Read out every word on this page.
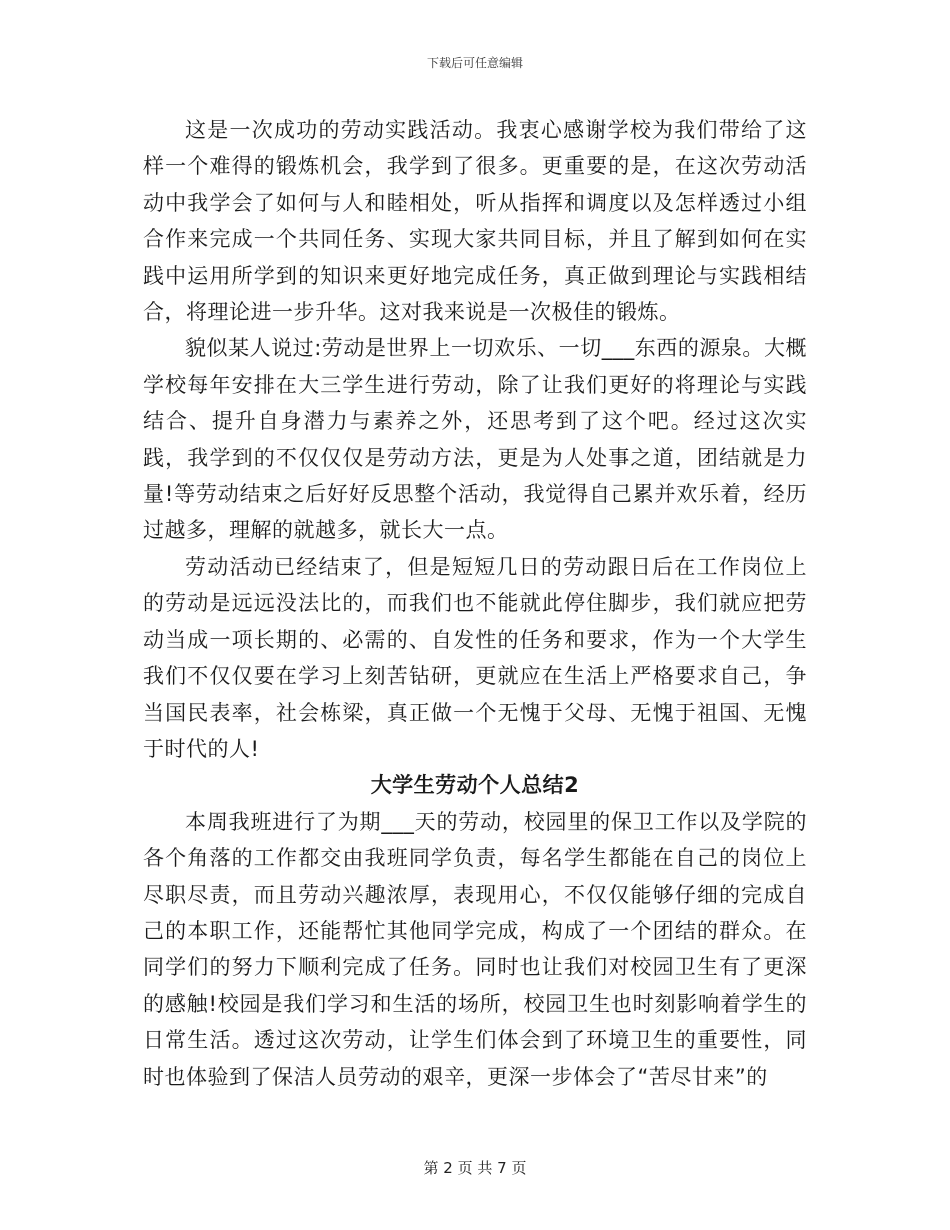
下载后可任意编辑

这是一次成功的劳动实践活动。我衷心感谢学校为我们带给了这样一个难得的锻炼机会，我学到了很多。更重要的是，在这次劳动活动中我学会了如何与人和睦相处，听从指挥和调度以及怎样透过小组合作来完成一个共同任务、实现大家共同目标，并且了解到如何在实践中运用所学到的知识来更好地完成任务，真正做到理论与实践相结合，将理论进一步升华。这对我来说是一次极佳的锻炼。

貌似某人说过:劳动是世界上一切欢乐、一切___东西的源泉。大概学校每年安排在大三学生进行劳动，除了让我们更好的将理论与实践结合、提升自身潜力与素养之外，还思考到了这个吧。经过这次实践，我学到的不仅仅仅是劳动方法，更是为人处事之道，团结就是力量!等劳动结束之后好好反思整个活动，我觉得自己累并欢乐着，经历过越多，理解的就越多，就长大一点。

劳动活动已经结束了，但是短短几日的劳动跟日后在工作岗位上的劳动是远远没法比的，而我们也不能就此停住脚步，我们就应把劳动当成一项长期的、必需的、自发性的任务和要求，作为一个大学生我们不仅仅要在学习上刻苦钻研，更就应在生活上严格要求自己，争当国民表率，社会栋梁，真正做一个无愧于父母、无愧于祖国、无愧于时代的人!

大学生劳动个人总结2

本周我班进行了为期___天的劳动，校园里的保卫工作以及学院的各个角落的工作都交由我班同学负责，每名学生都能在自己的岗位上尽职尽责，而且劳动兴趣浓厚，表现用心，不仅仅能够仔细的完成自己的本职工作，还能帮忙其他同学完成，构成了一个团结的群众。在同学们的努力下顺利完成了任务。同时也让我们对校园卫生有了更深的感触!校园是我们学习和生活的场所，校园卫生也时刻影响着学生的日常生活。透过这次劳动，让学生们体会到了环境卫生的重要性，同时也体验到了保洁人员劳动的艰辛，更深一步体会了“苦尽甘来”的

第 2 页 共 7 页
